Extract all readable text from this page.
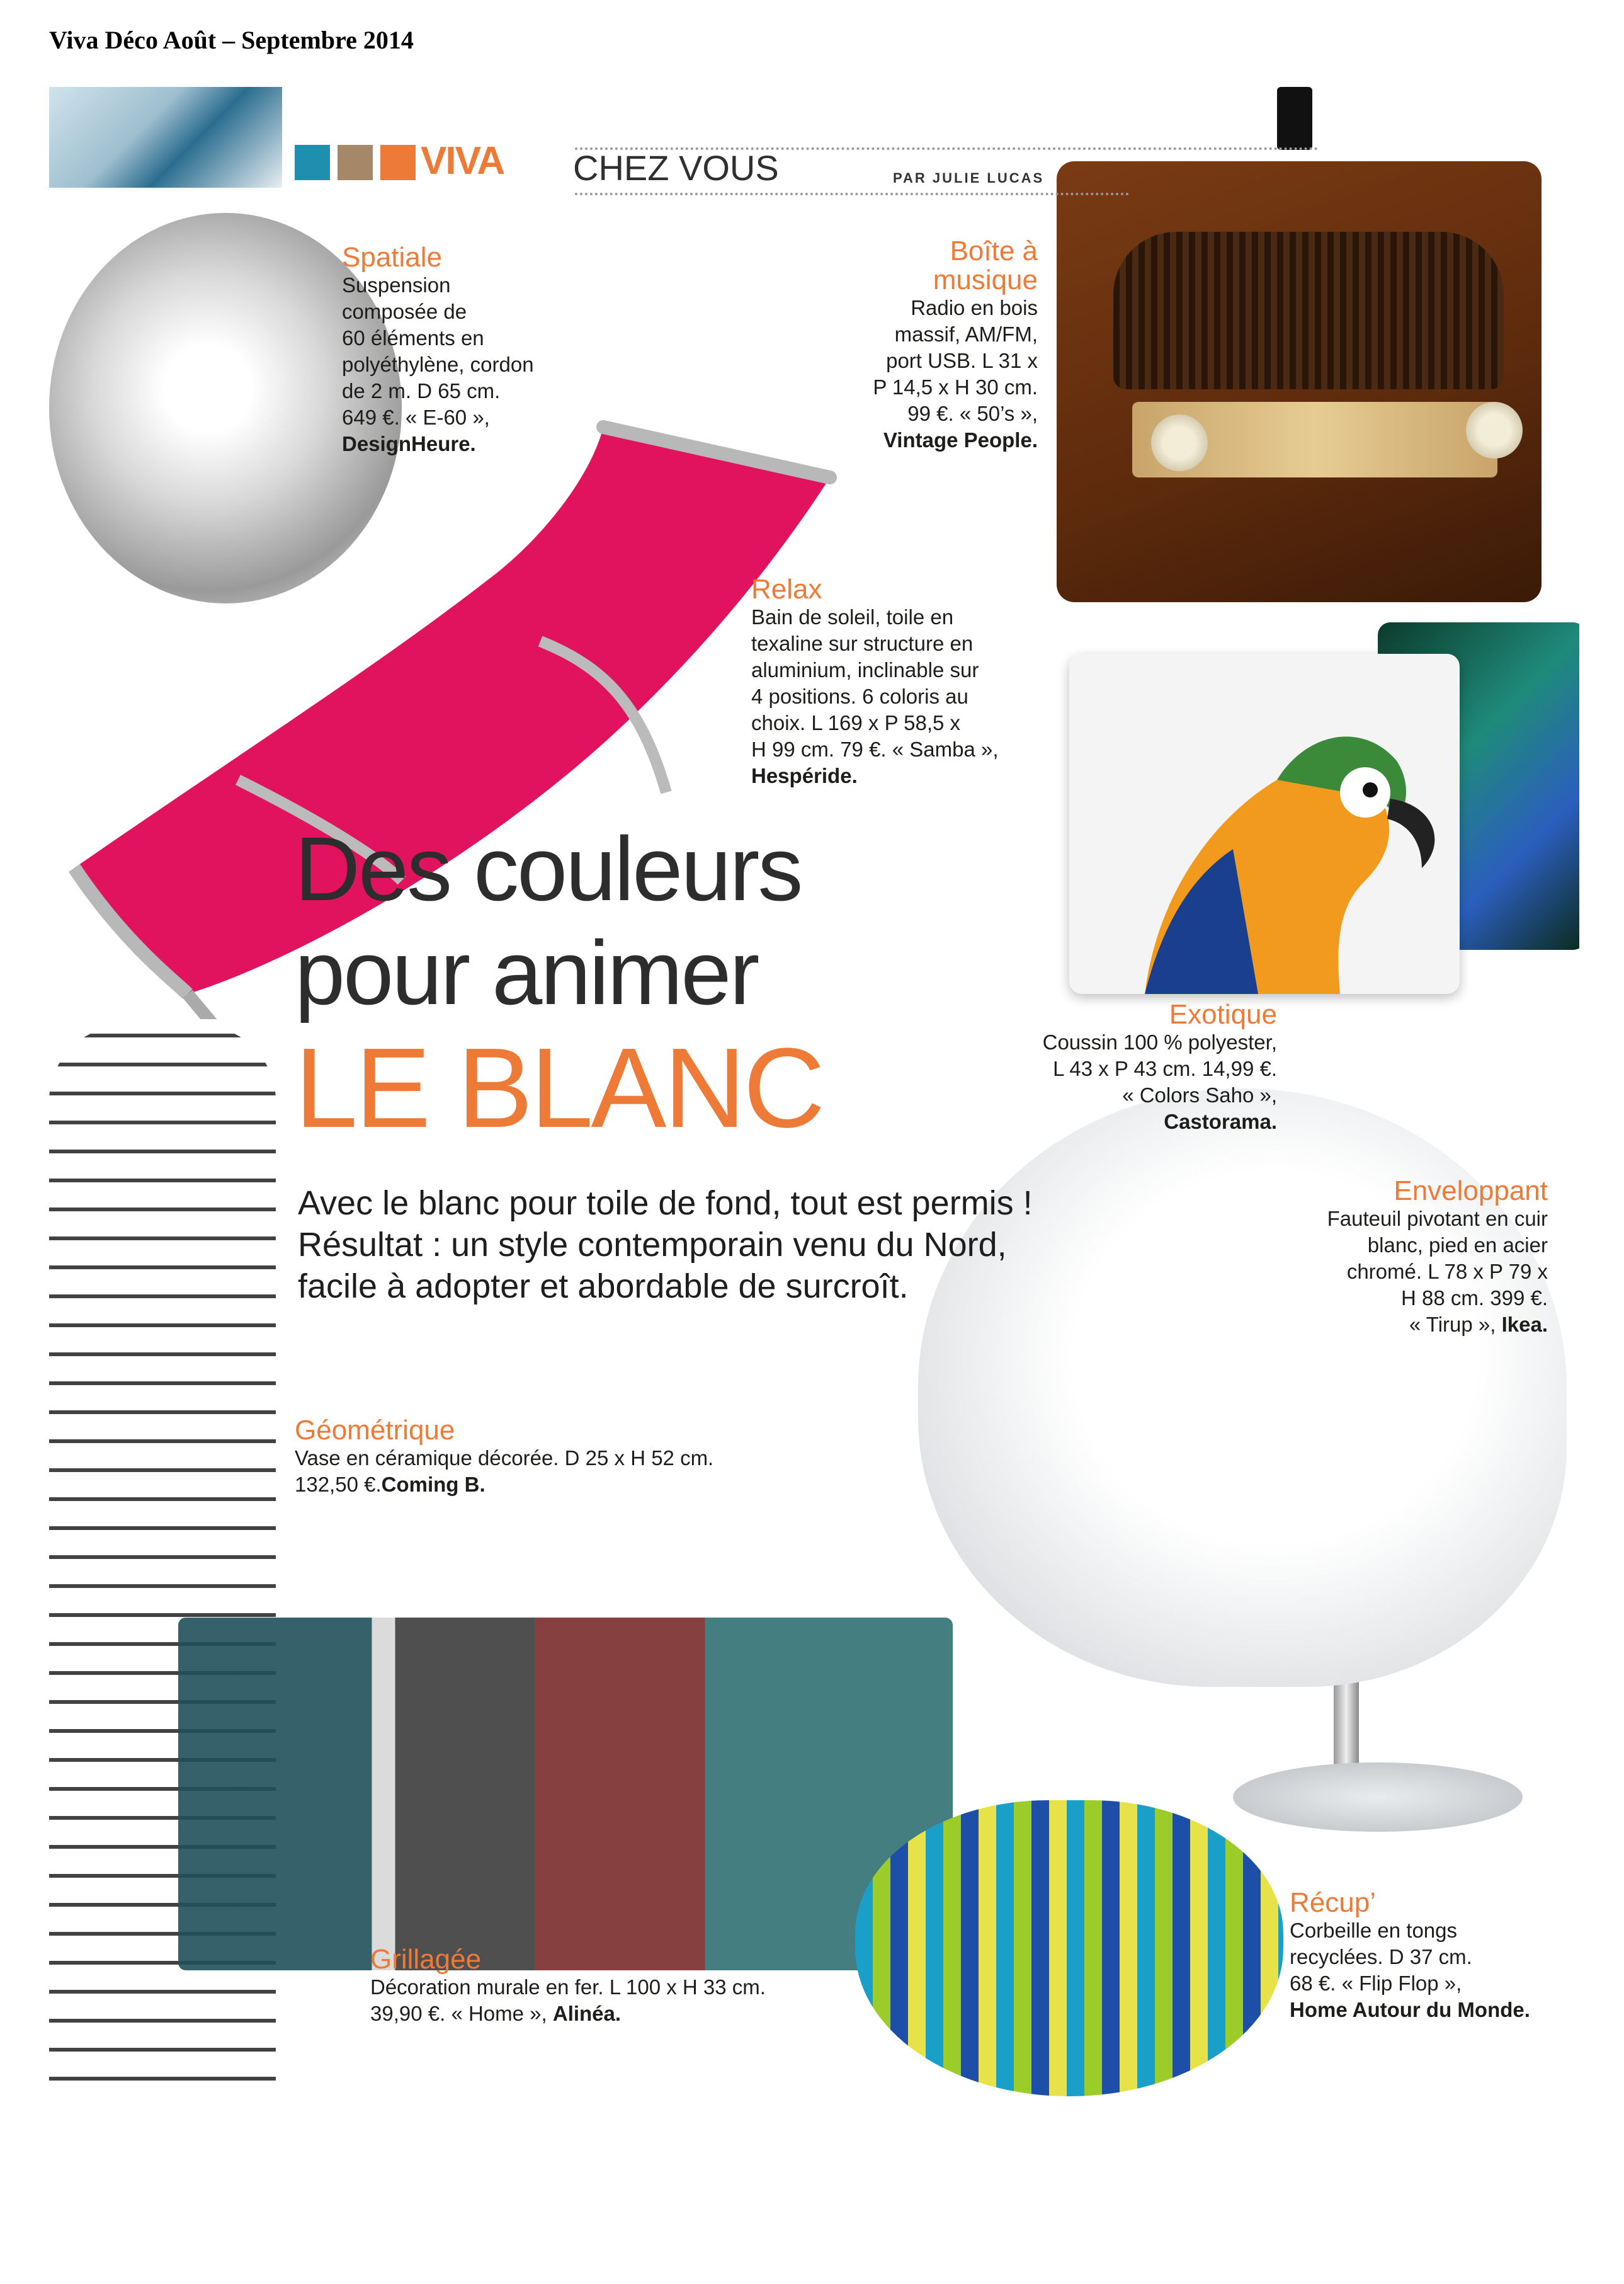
Viva Déco Août – Septembre 2014
VIVA CHEZ VOUS	PAR JULIE LUCAS
Des couleurs
pour animer
LE BLANC
Avec le blanc pour toile de fond, tout est permis !
Résultat : un style contemporain venu du Nord,
facile à adopter et abordable de surcroît.
Spatiale
Suspension
composée de
60 éléments en
polyéthylène, cordon
de 2 m. D 65 cm.
649 €. « E-60 »,
DesignHeure.
Boîte à
musique
Radio en bois
massif, AM/FM,
port USB. L 31 x
P 14,5 x H 30 cm.
99 €. « 50’s »,
Vintage People.
Relax
Bain de soleil, toile en
texaline sur structure en
aluminium, inclinable sur
4 positions. 6 coloris au
choix. L 169 x P 58,5 x
H 99 cm. 79 €. « Samba »,
Hespéride.
Exotique
Coussin 100 % polyester,
L 43 x P 43 cm. 14,99 €.
« Colors Saho »,
Castorama.
Enveloppant
Fauteuil pivotant en cuir
blanc, pied en acier
chromé. L 78 x P 79 x
H 88 cm. 399 €.
« Tirup », Ikea.
Géométrique
Vase en céramique décorée. D 25 x H 52 cm.
132,50 €.Coming B.
Grillagée
Décoration murale en fer. L 100 x H 33 cm.
39,90 €. « Home », Alinéa.
Récup’
Corbeille en tongs
recyclées. D 37 cm.
68 €. « Flip Flop »,
Home Autour du Monde.
